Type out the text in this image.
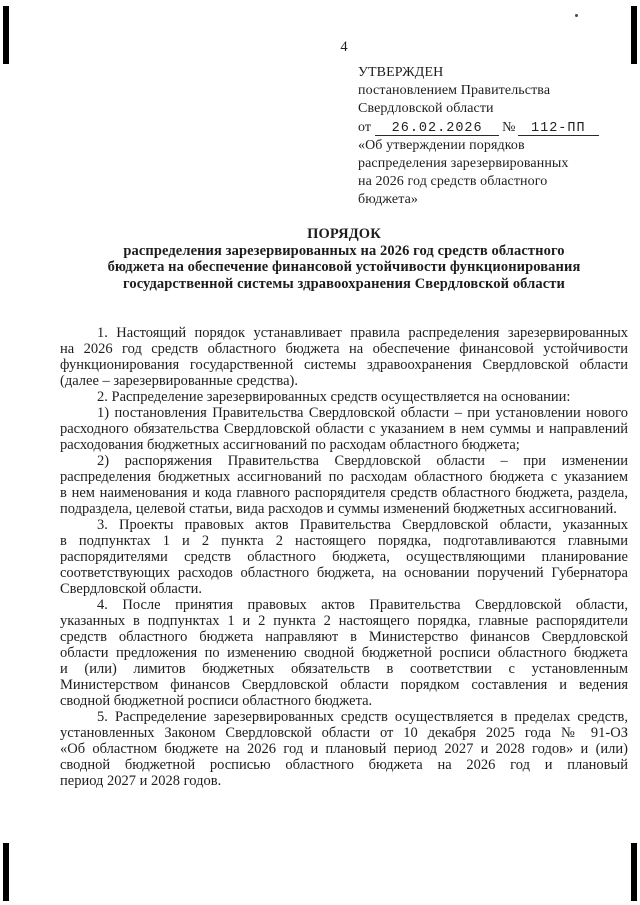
4
УТВЕРЖДЕН
постановлением Правительства
Свердловской области
от	26.02.2026	№	112-ПП
«Об утверждении порядков
распределения зарезервированных
на 2026 год средств областного
бюджета»
ПОРЯДОК
распределения зарезервированных на 2026 год средств областного
бюджета на обеспечение финансовой устойчивости функционирования
государственной системы здравоохранения Свердловской области
1. Настоящий порядок устанавливает правила распределения зарезервированных
на 2026 год средств областного бюджета на обеспечение финансовой устойчивости
функционирования государственной системы здравоохранения Свердловской области
(далее – зарезервированные средства).
2. Распределение зарезервированных средств осуществляется на основании:
1) постановления Правительства Свердловской области – при установлении нового
расходного обязательства Свердловской области с указанием в нем суммы и направлений
расходования бюджетных ассигнований по расходам областного бюджета;
2) распоряжения Правительства Свердловской области – при изменении
распределения бюджетных ассигнований по расходам областного бюджета с указанием
в нем наименования и кода главного распорядителя средств областного бюджета, раздела,
подраздела, целевой статьи, вида расходов и суммы изменений бюджетных ассигнований.
3. Проекты правовых актов Правительства Свердловской области, указанных
в подпунктах 1 и 2 пункта 2 настоящего порядка, подготавливаются главными
распорядителями средств областного бюджета, осуществляющими планирование
соответствующих расходов областного бюджета, на основании поручений Губернатора
Свердловской области.
4. После принятия правовых актов Правительства Свердловской области,
указанных в подпунктах 1 и 2 пункта 2 настоящего порядка, главные распорядители
средств областного бюджета направляют в Министерство финансов Свердловской
области предложения по изменению сводной бюджетной росписи областного бюджета
и (или) лимитов бюджетных обязательств в соответствии с установленным
Министерством финансов Свердловской области порядком составления и ведения
сводной бюджетной росписи областного бюджета.
5. Распределение зарезервированных средств осуществляется в пределах средств,
установленных Законом Свердловской области от 10 декабря 2025 года № 91-ОЗ
«Об областном бюджете на 2026 год и плановый период 2027 и 2028 годов» и (или)
сводной бюджетной росписью областного бюджета на 2026 год и плановый
период 2027 и 2028 годов.
